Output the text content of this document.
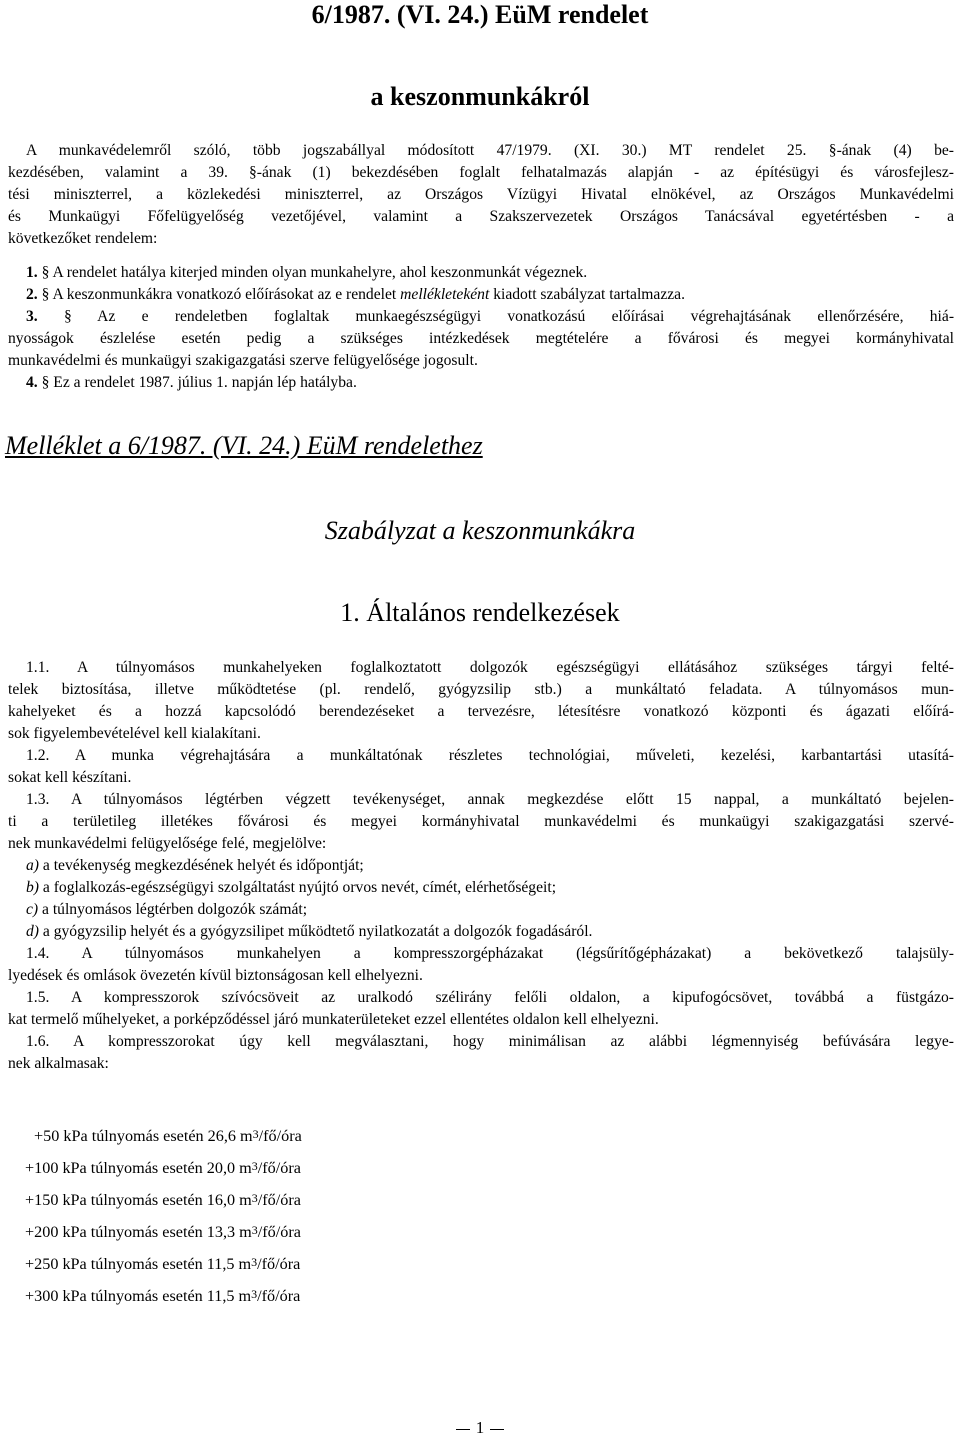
6/1987. (VI. 24.) EüM rendelet
a keszonmunkákról
A munkavédelemről szóló, több jogszabállyal módosított 47/1979. (XI. 30.) MT rendelet 25. §-ának (4) be-
kezdésében, valamint a 39. §-ának (1) bekezdésében foglalt felhatalmazás alapján - az építésügyi és városfejlesz-
tési miniszterrel, a közlekedési miniszterrel, az Országos Vízügyi Hivatal elnökével, az Országos Munkavédelmi
és Munkaügyi Főfelügyelőség vezetőjével, valamint a Szakszervezetek Országos Tanácsával egyetértésben - a
következőket rendelem:
1. § A rendelet hatálya kiterjed minden olyan munkahelyre, ahol keszonmunkát végeznek.
2. § A keszonmunkákra vonatkozó előírásokat az e rendelet mellékleteként kiadott szabályzat tartalmazza.
3. § Az e rendeletben foglaltak munkaegészségügyi vonatkozású előírásai végrehajtásának ellenőrzésére, hiá-
nyosságok észlelése esetén pedig a szükséges intézkedések megtételére a fővárosi és megyei kormányhivatal
munkavédelmi és munkaügyi szakigazgatási szerve felügyelősége jogosult.
4. § Ez a rendelet 1987. július 1. napján lép hatályba.
Melléklet a 6/1987. (VI. 24.) EüM rendelethez
Szabályzat a keszonmunkákra
1. Általános rendelkezések
1.1. A túlnyomásos munkahelyeken foglalkoztatott dolgozók egészségügyi ellátásához szükséges tárgyi felté-
telek biztosítása, illetve működtetése (pl. rendelő, gyógyzsilip stb.) a munkáltató feladata. A túlnyomásos mun-
kahelyeket és a hozzá kapcsolódó berendezéseket a tervezésre, létesítésre vonatkozó központi és ágazati előírá-
sok figyelembevételével kell kialakítani.
1.2. A munka végrehajtására a munkáltatónak részletes technológiai, műveleti, kezelési, karbantartási utasítá-
sokat kell készítani.
1.3. A túlnyomásos légtérben végzett tevékenységet, annak megkezdése előtt 15 nappal, a munkáltató bejelen-
ti a területileg illetékes fővárosi és megyei kormányhivatal munkavédelmi és munkaügyi szakigazgatási szervé-
nek munkavédelmi felügyelősége felé, megjelölve:
a) a tevékenység megkezdésének helyét és időpontját;
b) a foglalkozás-egészségügyi szolgáltatást nyújtó orvos nevét, címét, elérhetőségeit;
c) a túlnyomásos légtérben dolgozók számát;
d) a gyógyzsilip helyét és a gyógyzsilipet működtető nyilatkozatát a dolgozók fogadásáról.
1.4. A túlnyomásos munkahelyen a kompresszorgépházakat (légsűrítőgépházakat) a bekövetkező talajsüly-
lyedések és omlások övezetén kívül biztonságosan kell elhelyezni.
1.5. A kompresszorok szívócsöveit az uralkodó szélirány felőli oldalon, a kipufogócsövet, továbbá a füstgázo-
kat termelő műhelyeket, a porképződéssel járó munkaterületeket ezzel ellentétes oldalon kell elhelyezni.
1.6. A kompresszorokat úgy kell megválasztani, hogy minimálisan az alábbi légmennyiség befúvására legye-
nek alkalmasak:
+50 kPa túlnyomás esetén 26,6 $m^3/fő$/óra
+100 kPa túlnyomás esetén 20,0 $m^3/fő$/óra
+150 kPa túlnyomás esetén 16,0 $m^3/fő$/óra
+200 kPa túlnyomás esetén 13,3 $m^3/fő$/óra
+250 kPa túlnyomás esetén 11,5 $m^3/fő$/óra
+300 kPa túlnyomás esetén 11,5 $m^3/fő$/óra
1
